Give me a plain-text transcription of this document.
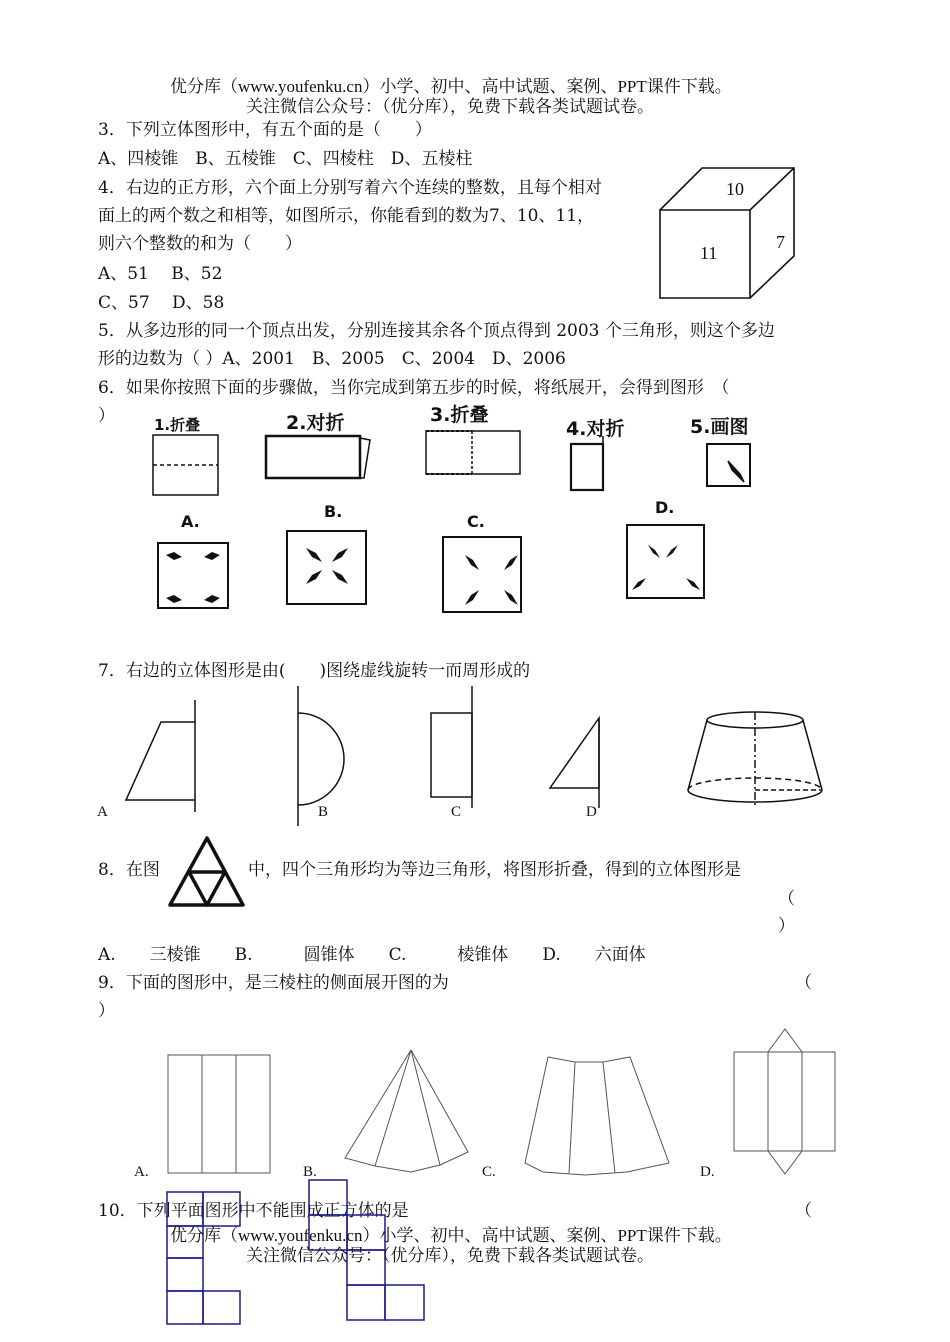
优分库（www.youfenku.cn）小学、初中、高中试题、案例、PPT课件下载。
关注微信公众号：（优分库），免费下载各类试题试卷。
3．下列立体图形中，有五个面的是（　　）
A、四棱锥　B、五棱锥　C、四棱柱　D、五棱柱
4．右边的正方形，六个面上分别写着六个连续的整数，且每个相对
面上的两个数之和相等，如图所示，你能看到的数为7、10、11，
则六个整数的和为（　　）
A、51　 B、52
C、57　 D、58
10
11
7
5．从多边形的同一个顶点出发，分别连接其余各个顶点得到 2003 个三角形，则这个多边
形的边数为（ ）A、2001　B、2005　C、2004　D、2006
6．如果你按照下面的步骤做，当你完成到第五步的时候，将纸展开，会得到图形　（
）	1.折叠	2.对折	3.折叠
4.对折	5.画图
A.
B.
C.
D.
7．右边的立体图形是由(　　)图绕虚线旋转一而周形成的
A	B	C	D
8．在图	中，四个三角形均为等边三角形，将图形折叠，得到的立体图形是
（
）
A.　　三棱锥　　B.　　　圆锥体　　C.　　　棱锥体　　D.　　六面体
9．下面的图形中，是三棱柱的侧面展开图的为	（
）
A.	B.	C.	D.
10．下列平面图形中不能围成正方体的是	（
优分库（www.youfenku.cn）小学、初中、高中试题、案例、PPT课件下载。
关注微信公众号：（优分库），免费下载各类试题试卷。
